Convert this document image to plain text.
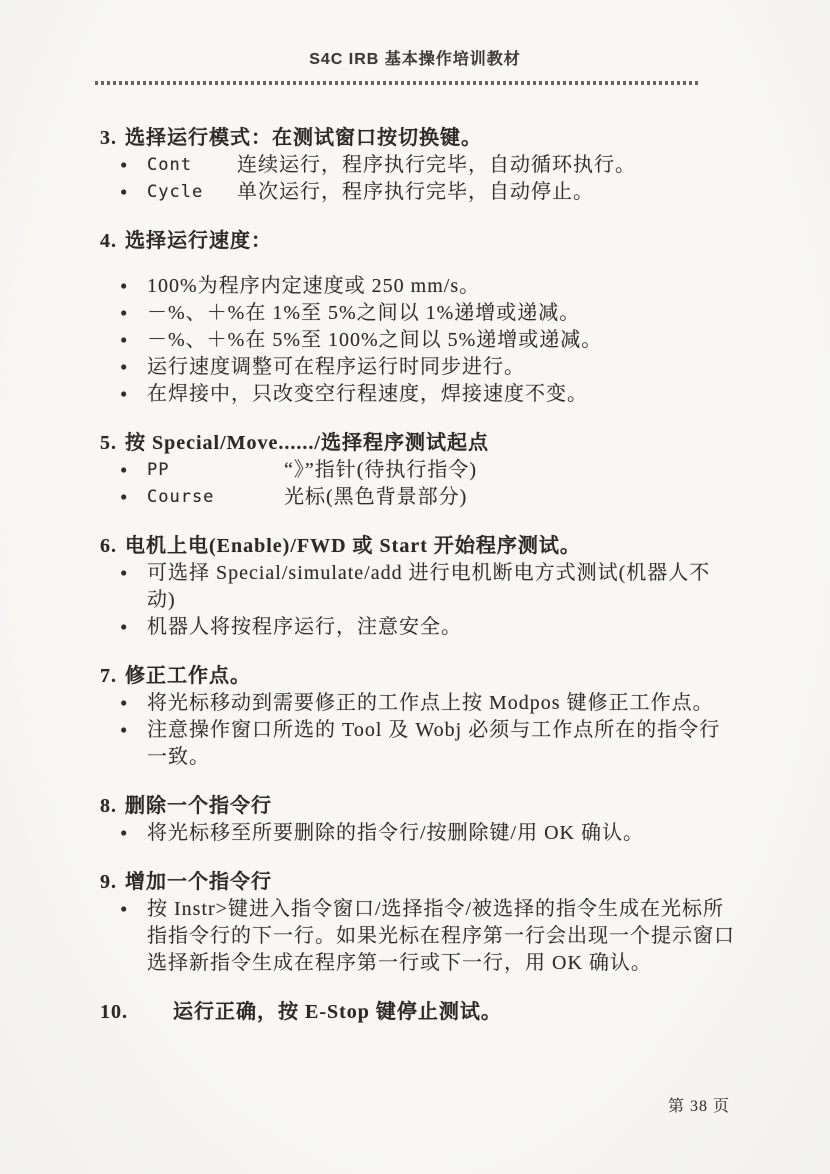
S4C IRB 基本操作培训教材
3. 选择运行模式：在测试窗口按切换键。
•	Cont	连续运行，程序执行完毕，自动循环执行。
•	Cycle	单次运行，程序执行完毕，自动停止。
4. 选择运行速度：
• 100%为程序内定速度或 250 mm/s。
• －%、＋%在 1%至 5%之间以 1%递增或递减。
• －%、＋%在 5%至 100%之间以 5%递增或递减。
• 运行速度调整可在程序运行时同步进行。
• 在焊接中，只改变空行程速度，焊接速度不变。
5. 按 Special/Move....../选择程序测试起点
•	PP	“》”指针(待执行指令)
•	Course	光标(黑色背景部分)
6. 电机上电(Enable)/FWD 或 Start 开始程序测试。
• 可选择 Special/simulate/add 进行电机断电方式测试(机器人不动)
• 机器人将按程序运行，注意安全。
7. 修正工作点。
• 将光标移动到需要修正的工作点上按 Modpos 键修正工作点。
• 注意操作窗口所选的 Tool 及 Wobj 必须与工作点所在的指令行一致。
8. 删除一个指令行
• 将光标移至所要删除的指令行/按删除键/用 OK 确认。
9. 增加一个指令行
• 按 Instr>键进入指令窗口/选择指令/被选择的指令生成在光标所指指令行的下一行。如果光标在程序第一行会出现一个提示窗口选择新指令生成在程序第一行或下一行，用 OK 确认。
10.	运行正确，按 E-Stop 键停止测试。
第 38 页
